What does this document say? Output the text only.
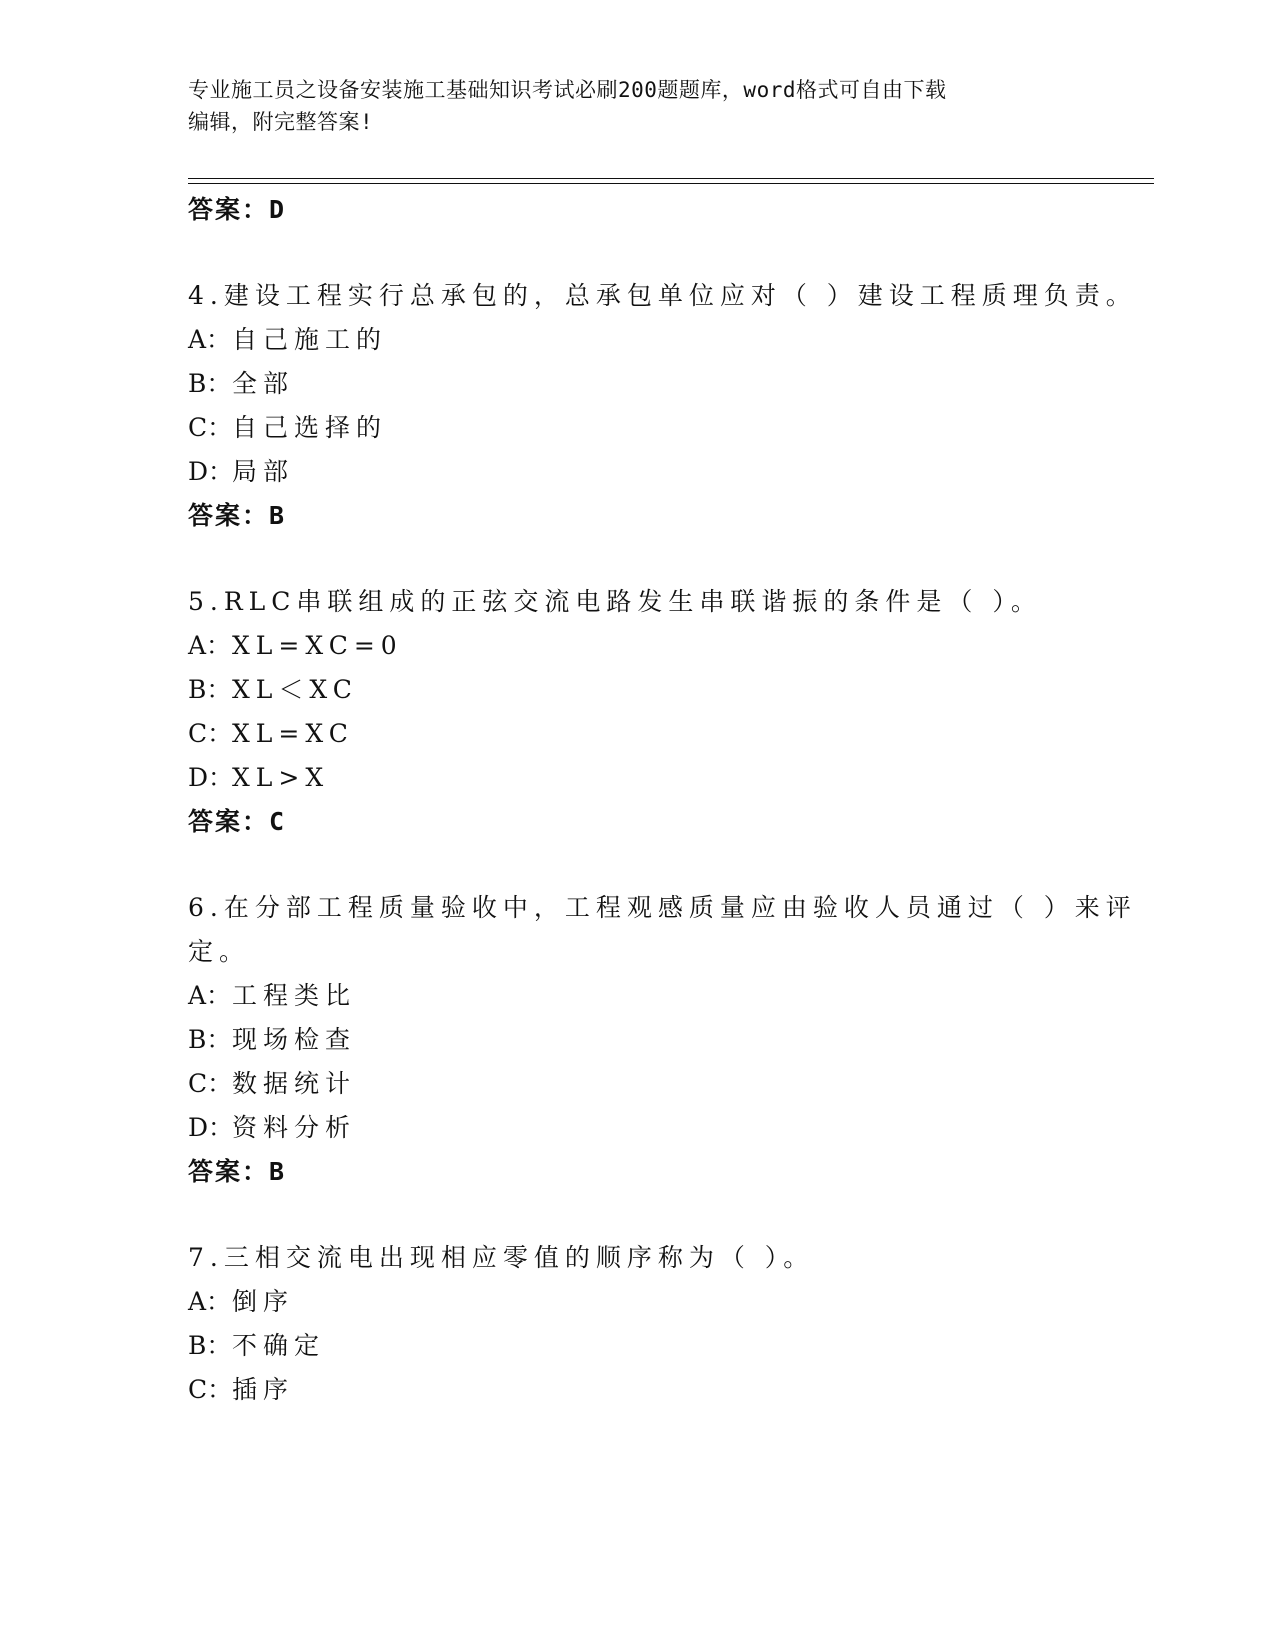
专业施工员之设备安装施工基础知识考试必刷200题题库，word格式可自由下载
编辑，附完整答案!
答案：D
4.建设工程实行总承包的，总承包单位应对（ ）建设工程质理负责。
A：自己施工的
B：全部
C：自己选择的
D：局部
答案：B
5.RLC串联组成的正弦交流电路发生串联谐振的条件是（ ）。
A：XL=XC=0
B：XL＜XC
C：XL=XC
D：XL>X
答案：C
6.在分部工程质量验收中，工程观感质量应由验收人员通过（ ）来评
定。
A：工程类比
B：现场检查
C：数据统计
D：资料分析
答案：B
7.三相交流电出现相应零值的顺序称为（ ）。
A：倒序
B：不确定
C：插序
